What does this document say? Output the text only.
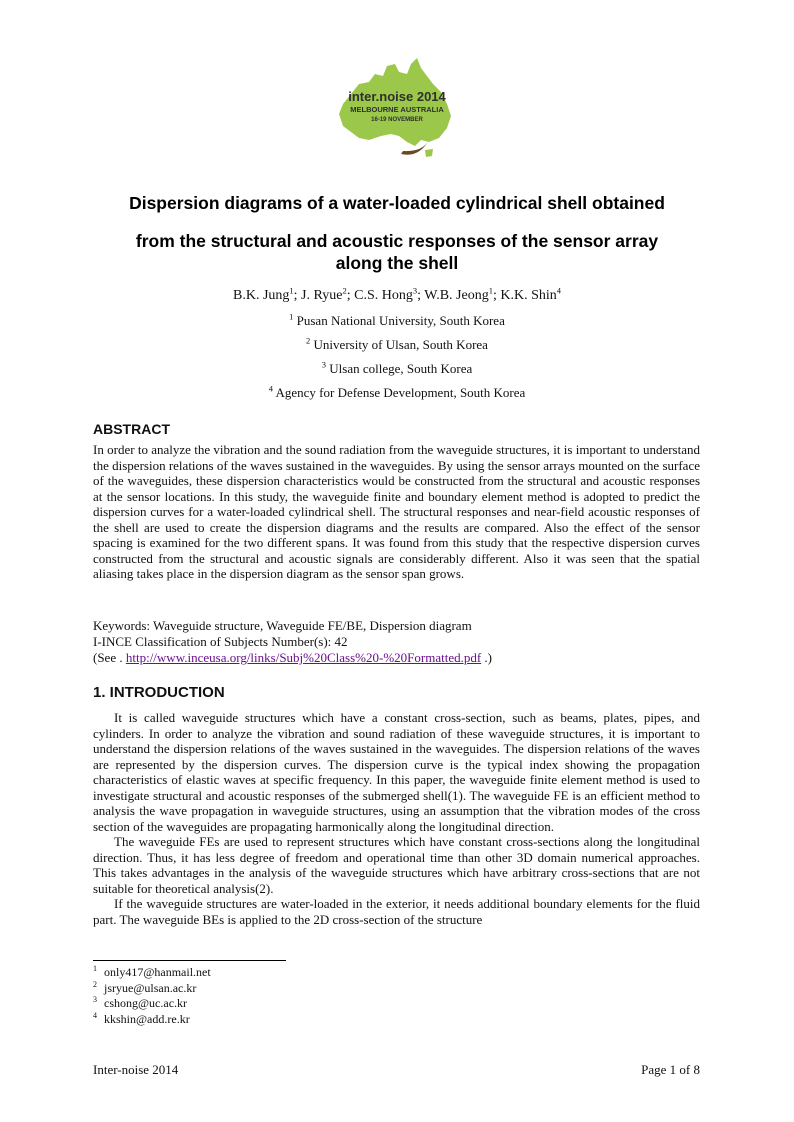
inter.noise 2014
MELBOURNE AUSTRALIA
16-19 NOVEMBER
Dispersion diagrams of a water-loaded cylindrical shell obtained
from the structural and acoustic responses of the sensor array
along the shell
B.K. Jung$^1$; J. Ryue$^2$; C.S. Hong$^3$; W.B. Jeong$^1$; K.K. Shin$^4$
$^1$ Pusan National University, South Korea
$^2$ University of Ulsan, South Korea
$^3$ Ulsan college, South Korea
$^4$ Agency for Defense Development, South Korea
ABSTRACT

In order to analyze the vibration and the sound radiation from the waveguide structures, it is important to understand the dispersion relations of the waves sustained in the waveguides. By using the sensor arrays mounted on the surface of the waveguides, these dispersion characteristics would be constructed from the structural and acoustic responses at the sensor locations. In this study, the waveguide finite and boundary element method is adopted to predict the dispersion curves for a water-loaded cylindrical shell. The structural responses and near-field acoustic responses of the shell are used to create the dispersion diagrams and the results are compared. Also the effect of the sensor spacing is examined for the two different spans. It was found from this study that the respective dispersion curves constructed from the structural and acoustic signals are considerably different. Also it was seen that the spatial aliasing takes place in the dispersion diagram as the sensor span grows.

Keywords: Waveguide structure, Waveguide FE/BE, Dispersion diagram
I-INCE Classification of Subjects Number(s): 42
(See . http://www.inceusa.org/links/Subj%20Class%20-%20Formatted.pdf .)
1. INTRODUCTION

It is called waveguide structures which have a constant cross-section, such as beams, plates, pipes, and cylinders. In order to analyze the vibration and sound radiation of these waveguide structures, it is important to understand the dispersion relations of the waves sustained in the waveguides. The dispersion relations of the waves are represented by the dispersion curves. The dispersion curve is the typical index showing the propagation characteristics of elastic waves at specific frequency. In this paper, the waveguide finite element method is used to investigate structural and acoustic responses of the submerged shell(1). The waveguide FE is an efficient method to analysis the wave propagation in waveguide structures, using an assumption that the vibration modes of the cross section of the waveguides are propagating harmonically along the longitudinal direction.

The waveguide FEs are used to represent structures which have constant cross-sections along the longitudinal direction. Thus, it has less degree of freedom and operational time than other 3D domain numerical approaches. This takes advantages in the analysis of the waveguide structures which have arbitrary cross-sections that are not suitable for theoretical analysis(2).

If the waveguide structures are water-loaded in the exterior, it needs additional boundary elements for the fluid part. The waveguide BEs is applied to the 2D cross-section of the structure

$^1$ only417@hanmail.net
$^2$ jsryue@ulsan.ac.kr
$^3$ cshong@uc.ac.kr
$^4$ kkshin@add.re.kr
Inter-noise 2014	Page 1 of 8
